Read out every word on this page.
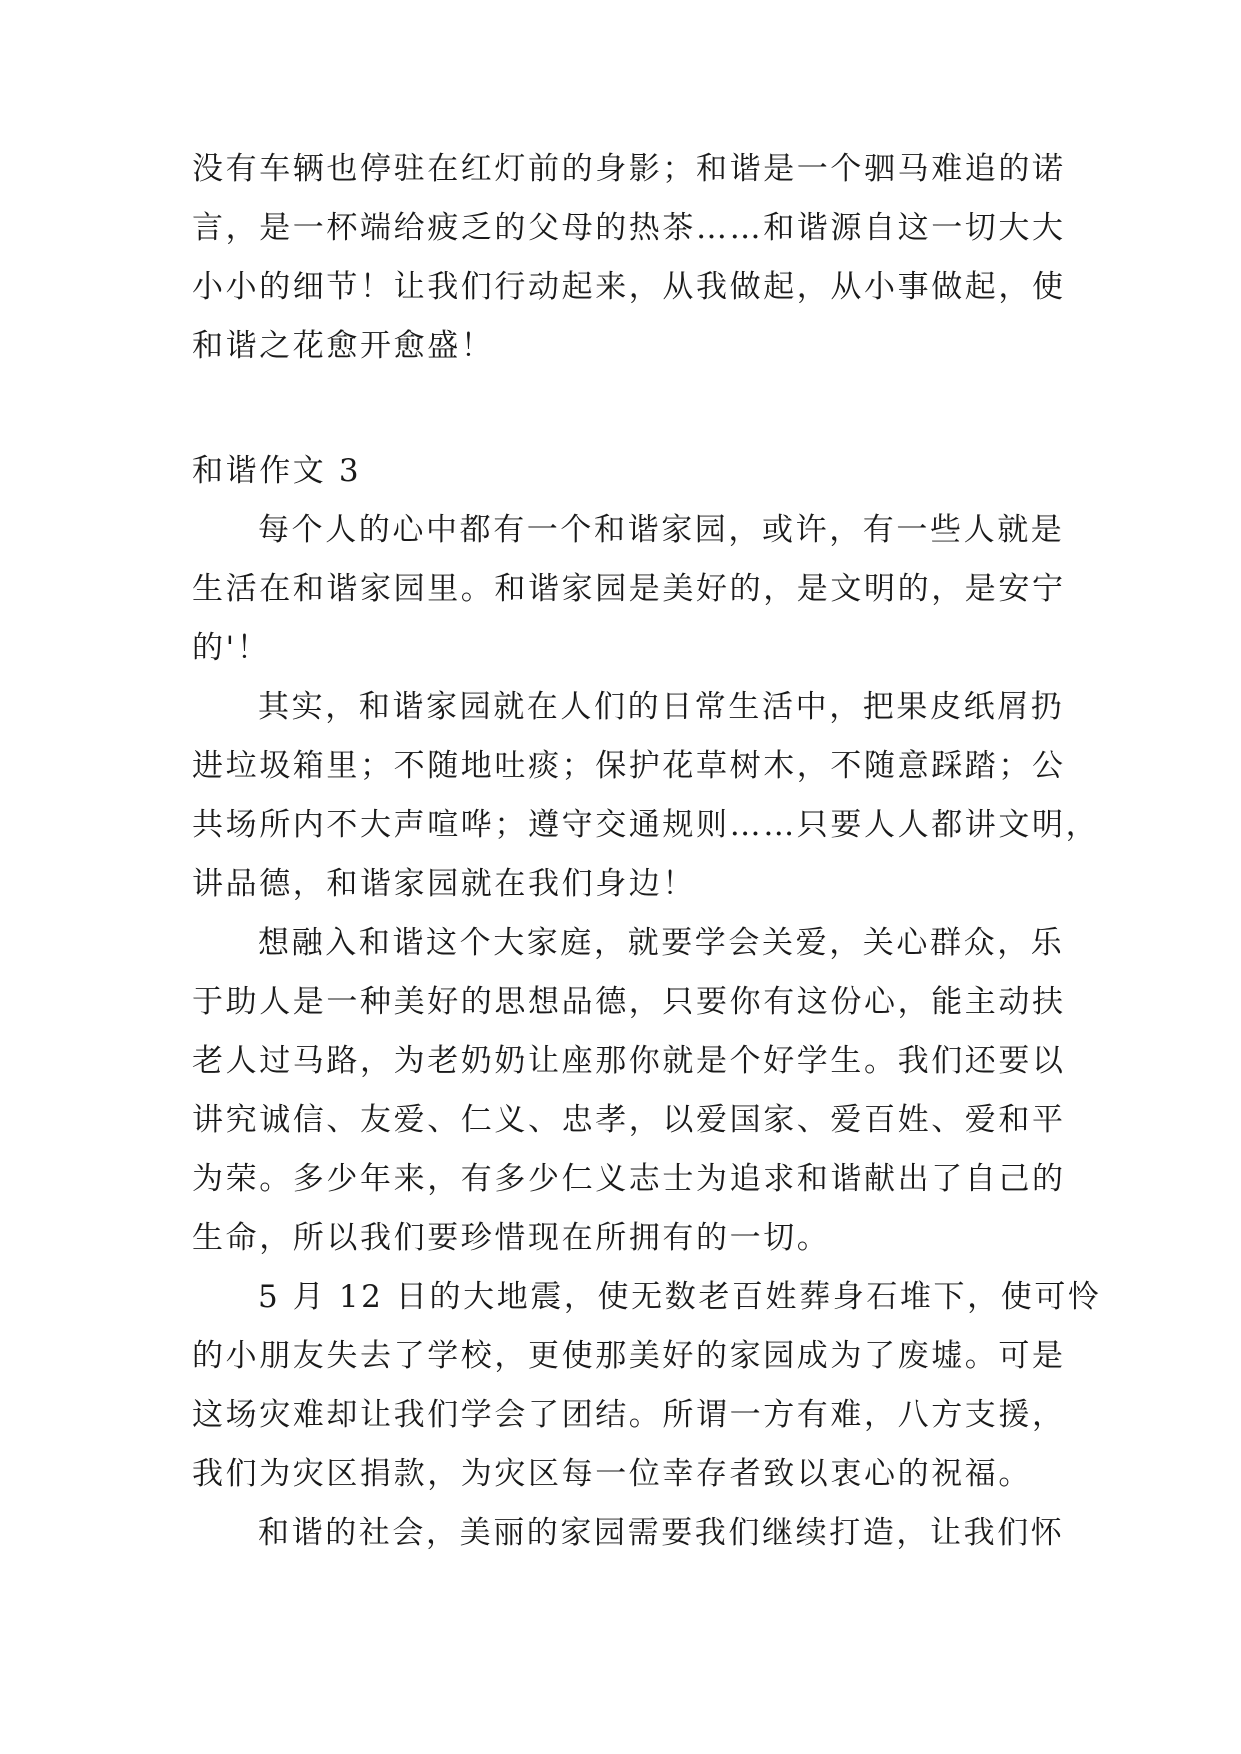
没有车辆也停驻在红灯前的身影；和谐是一个驷马难追的诺

言，是一杯端给疲乏的父母的热茶……和谐源自这一切大大

小小的细节！让我们行动起来，从我做起，从小事做起，使

和谐之花愈开愈盛！

和谐作文 3

每个人的心中都有一个和谐家园，或许，有一些人就是

生活在和谐家园里。和谐家园是美好的，是文明的，是安宁

的'！

其实，和谐家园就在人们的日常生活中，把果皮纸屑扔

进垃圾箱里；不随地吐痰；保护花草树木，不随意踩踏；公

共场所内不大声喧哗；遵守交通规则……只要人人都讲文明，

讲品德，和谐家园就在我们身边！

想融入和谐这个大家庭，就要学会关爱，关心群众，乐

于助人是一种美好的思想品德，只要你有这份心，能主动扶

老人过马路，为老奶奶让座那你就是个好学生。我们还要以

讲究诚信、友爱、仁义、忠孝，以爱国家、爱百姓、爱和平

为荣。多少年来，有多少仁义志士为追求和谐献出了自己的

生命，所以我们要珍惜现在所拥有的一切。

5 月 12 日的大地震，使无数老百姓葬身石堆下，使可怜

的小朋友失去了学校，更使那美好的家园成为了废墟。可是

这场灾难却让我们学会了团结。所谓一方有难，八方支援，

我们为灾区捐款，为灾区每一位幸存者致以衷心的祝福。

和谐的社会，美丽的家园需要我们继续打造，让我们怀
